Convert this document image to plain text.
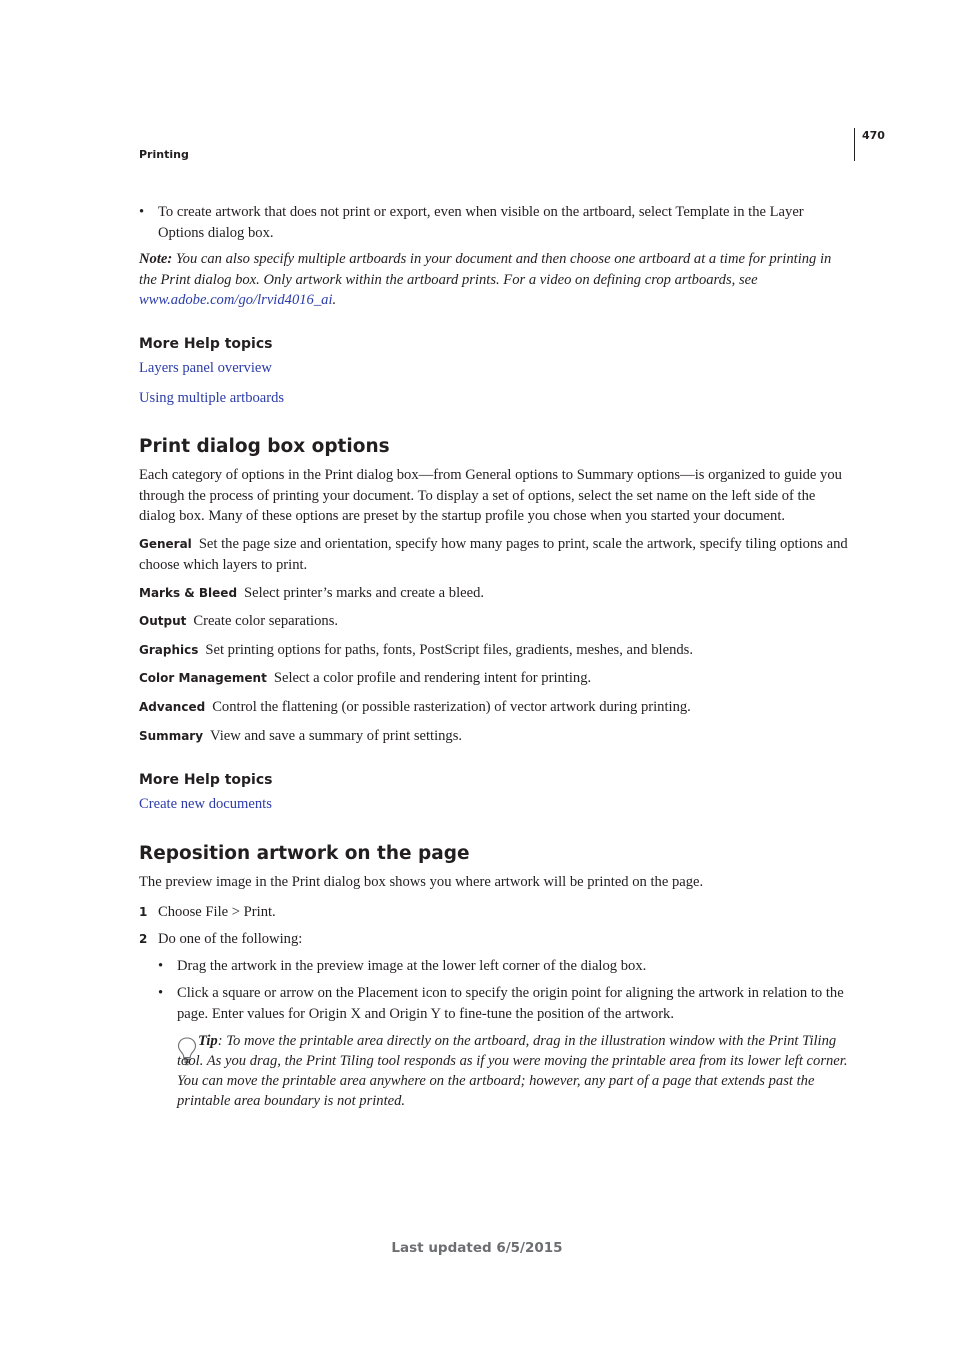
470
Printing
• To create artwork that does not print or export, even when visible on the artboard, select Template in the Layer Options dialog box.
Note: You can also specify multiple artboards in your document and then choose one artboard at a time for printing in the Print dialog box. Only artwork within the artboard prints. For a video on defining crop artboards, see www.adobe.com/go/lrvid4016_ai.
More Help topics
Layers panel overview
Using multiple artboards
Print dialog box options
Each category of options in the Print dialog box—from General options to Summary options—is organized to guide you through the process of printing your document. To display a set of options, select the set name on the left side of the dialog box. Many of these options are preset by the startup profile you chose when you started your document.
General Set the page size and orientation, specify how many pages to print, scale the artwork, specify tiling options and choose which layers to print.
Marks & Bleed Select printer’s marks and create a bleed.
Output Create color separations.
Graphics Set printing options for paths, fonts, PostScript files, gradients, meshes, and blends.
Color Management Select a color profile and rendering intent for printing.
Advanced Control the flattening (or possible rasterization) of vector artwork during printing.
Summary View and save a summary of print settings.
More Help topics
Create new documents
Reposition artwork on the page
The preview image in the Print dialog box shows you where artwork will be printed on the page.
1 Choose File > Print.
2 Do one of the following:
• Drag the artwork in the preview image at the lower left corner of the dialog box.
• Click a square or arrow on the Placement icon to specify the origin point for aligning the artwork in relation to the page. Enter values for Origin X and Origin Y to fine-tune the position of the artwork.
Tip: To move the printable area directly on the artboard, drag in the illustration window with the Print Tiling tool. As you drag, the Print Tiling tool responds as if you were moving the printable area from its lower left corner. You can move the printable area anywhere on the artboard; however, any part of a page that extends past the printable area boundary is not printed.
Last updated 6/5/2015
